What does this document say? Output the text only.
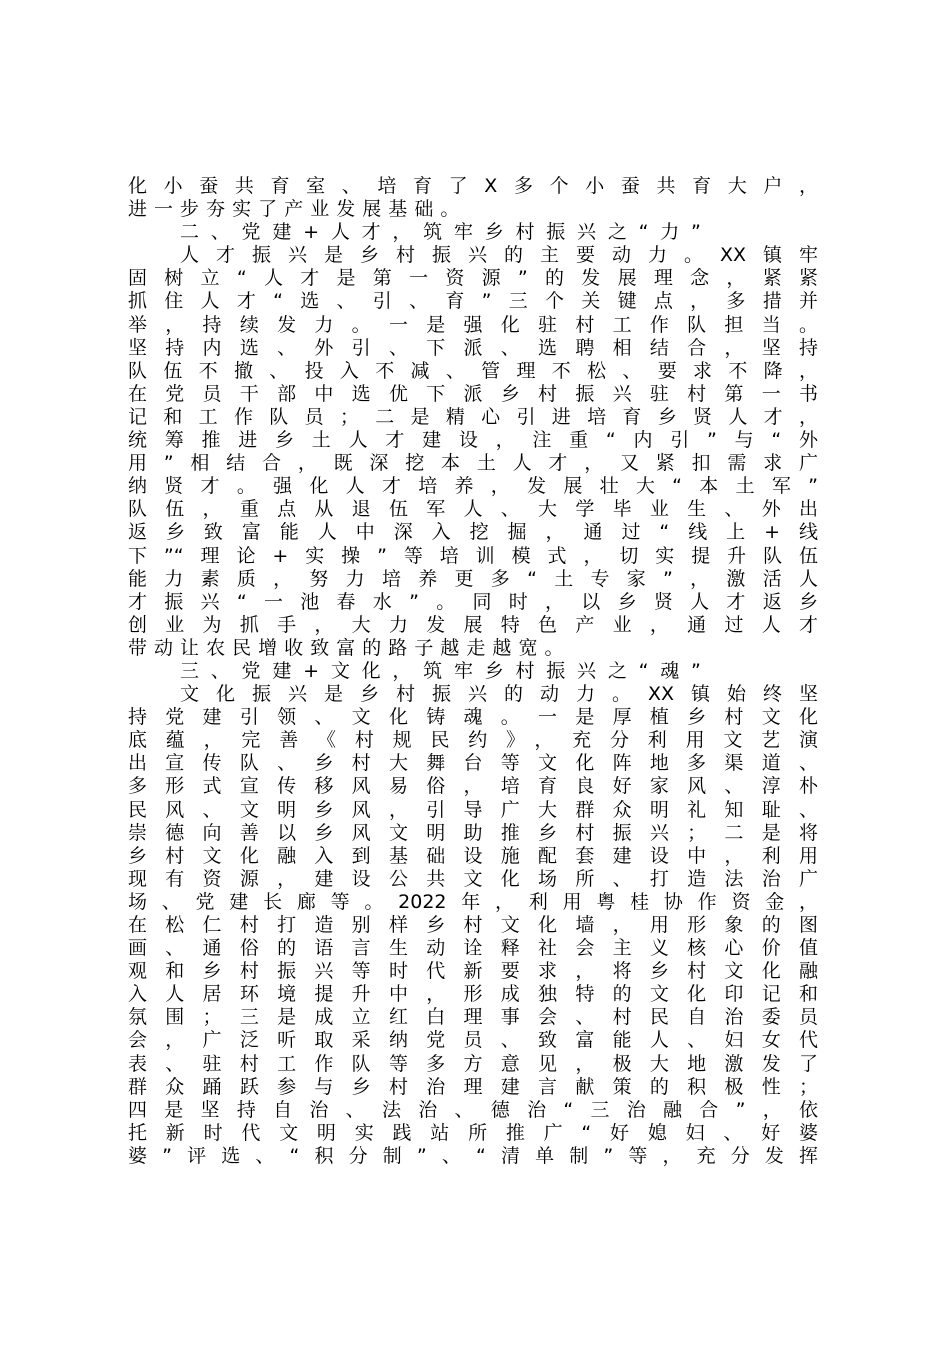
化小蚕共育室、培育了X多个小蚕共育大户，
进一步夯实了产业发展基础。
二、党建+人才，筑牢乡村振兴之“力”
人才振兴是乡村振兴的主要动力。XX镇牢
固树立“人才是第一资源”的发展理念，紧紧
抓住人才“选、引、育”三个关键点，多措并
举，持续发力。一是强化驻村工作队担当。
坚持内选、外引、下派、选聘相结合，坚持
队伍不撤、投入不减、管理不松、要求不降，
在党员干部中选优下派乡村振兴驻村第一书
记和工作队员；二是精心引进培育乡贤人才，
统筹推进乡土人才建设，注重“内引”与“外
用”相结合，既深挖本土人才，又紧扣需求广
纳贤才。强化人才培养，发展壮大“本土军”
队伍，重点从退伍军人、大学毕业生、外出
返乡致富能人中深入挖掘，通过“线上+线
下”“理论+实操”等培训模式，切实提升队伍
能力素质，努力培养更多“土专家”，激活人
才振兴“一池春水”。同时，以乡贤人才返乡
创业为抓手，大力发展特色产业，通过人才
带动让农民增收致富的路子越走越宽。
三、党建+文化，筑牢乡村振兴之“魂”
文化振兴是乡村振兴的动力。XX镇始终坚
持党建引领、文化铸魂。一是厚植乡村文化
底蕴，完善《村规民约》，充分利用文艺演
出宣传队、乡村大舞台等文化阵地多渠道、
多形式宣传移风易俗，培育良好家风、淳朴
民风、文明乡风，引导广大群众明礼知耻、
崇德向善以乡风文明助推乡村振兴；二是将
乡村文化融入到基础设施配套建设中，利用
现有资源，建设公共文化场所、打造法治广
场、党建长廊等。2022年，利用粤桂协作资金，
在松仁村打造别样乡村文化墙，用形象的图
画、通俗的语言生动诠释社会主义核心价值
观和乡村振兴等时代新要求，将乡村文化融
入人居环境提升中，形成独特的文化印记和
氛围；三是成立红白理事会、村民自治委员
会，广泛听取采纳党员、致富能人、妇女代
表、驻村工作队等多方意见，极大地激发了
群众踊跃参与乡村治理建言献策的积极性；
四是坚持自治、法治、德治“三治融合”，依
托新时代文明实践站所推广“好媳妇、好婆
婆”评选、“积分制”、“清单制”等，充分发挥
